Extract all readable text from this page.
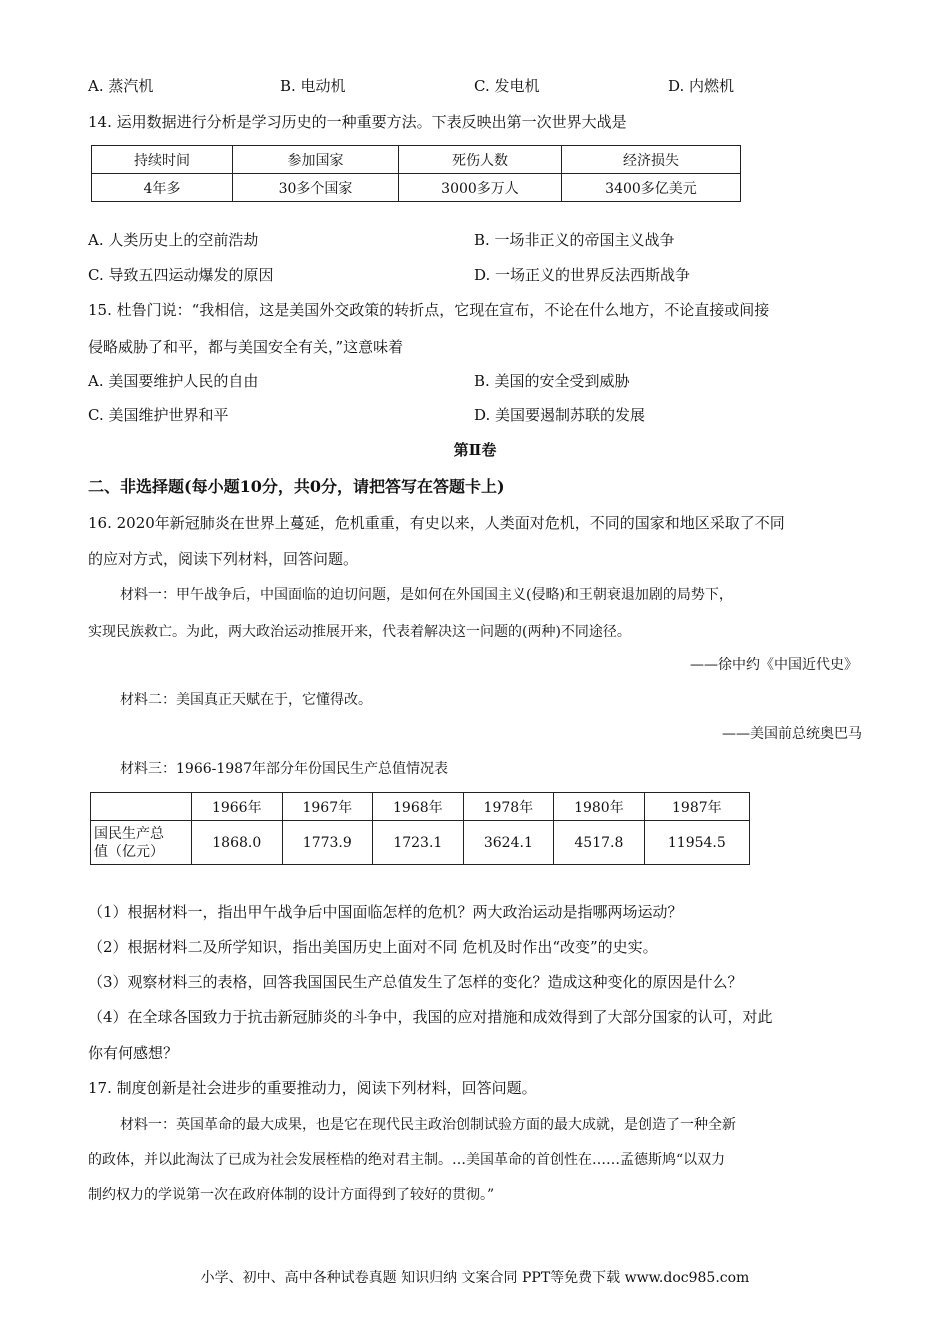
A. 蒸汽机	B. 电动机	C. 发电机	D. 内燃机
14. 运用数据进行分析是学习历史的一种重要方法。下表反映出第一次世界大战是
持续时间	参加国家	死伤人数	经济损失
4年多	30多个国家	3000多万人	3400多亿美元
A. 人类历史上的空前浩劫	B. 一场非正义的帝国主义战争
C. 导致五四运动爆发的原因	D. 一场正义的世界反法西斯战争
15. 杜鲁门说：“我相信，这是美国外交政策的转折点，它现在宣布，不论在什么地方，不论直接或间接
侵略威胁了和平，都与美国安全有关，”这意味着
A. 美国要维护人民的自由	B. 美国的安全受到威胁
C. 美国维护世界和平	D. 美国要遏制苏联的发展
第Ⅱ卷
二、非选择题(每小题10分，共0分，请把答写在答题卡上)
16. 2020年新冠肺炎在世界上蔓延，危机重重，有史以来，人类面对危机，不同的国家和地区采取了不同
的应对方式，阅读下列材料，回答问题。
材料一：甲午战争后，中国面临的迫切问题，是如何在外国国主义(侵略)和王朝衰退加剧的局势下，
实现民族救亡。为此，两大政治运动推展开来，代表着解决这一问题的(两种)不同途径。
——徐中约《中国近代史》
材料二：美国真正天赋在于，它懂得改。
——美国前总统奥巴马
材料三：1966-1987年部分年份国民生产总值情况表
	1966年	1967年	1968年	1978年	1980年	1987年

国民生产总
值（亿元）	1868.0	1773.9	1723.1	3624.1	4517.8	11954.5
（1）根据材料一，指出甲午战争后中国面临怎样的危机？两大政治运动是指哪两场运动？
（2）根据材料二及所学知识，指出美国历史上面对不同 危机及时作出“改变”的史实。
（3）观察材料三的表格，回答我国国民生产总值发生了怎样的变化？造成这种变化的原因是什么？
（4）在全球各国致力于抗击新冠肺炎的斗争中，我国的应对措施和成效得到了大部分国家的认可，对此
你有何感想？
17. 制度创新是社会进步的重要推动力，阅读下列材料，回答问题。
材料一：英国革命的最大成果，也是它在现代民主政治创制试验方面的最大成就，是创造了一种全新
的政体，并以此淘汰了已成为社会发展桎梏的绝对君主制。…美国革命的首创性在……孟德斯鸠“以双力
制约权力的学说第一次在政府体制的设计方面得到了较好的贯彻。”
小学、初中、高中各种试卷真题 知识归纳 文案合同 PPT等免费下载 www.doc985.com
